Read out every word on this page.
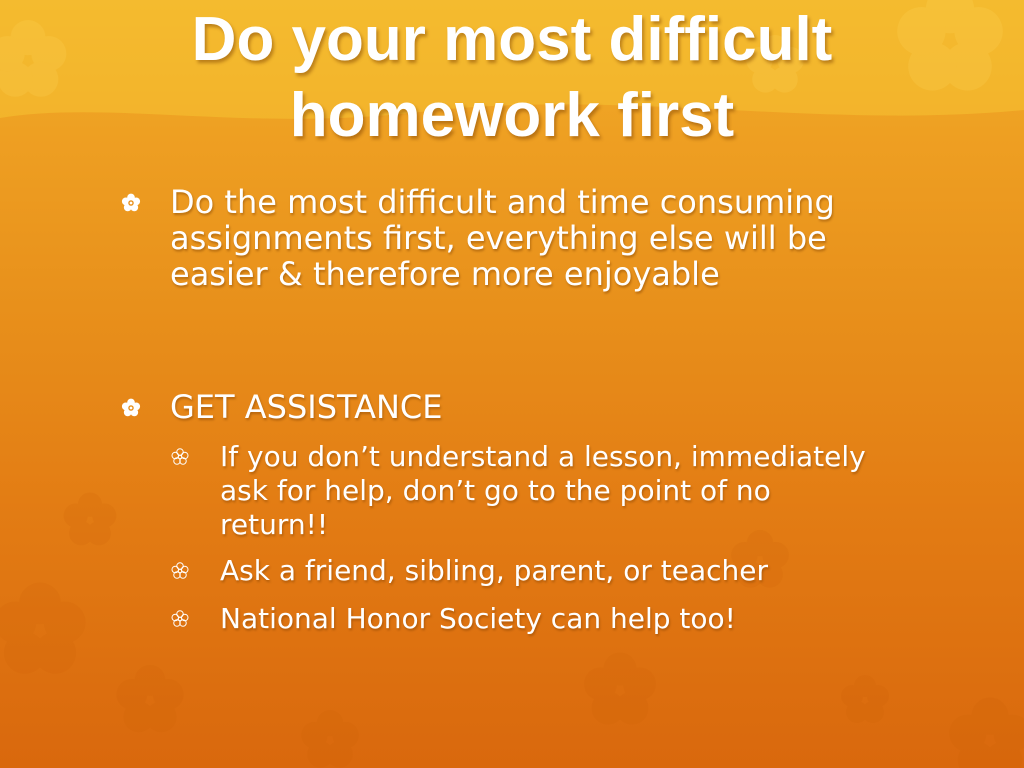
Do your most difficult homework first
Do the most difficult and time consuming assignments first, everything else will be easier & therefore more enjoyable
GET ASSISTANCE
If you don’t understand a lesson, immediately ask for help, don’t go to the point of no return!!
Ask a friend, sibling, parent, or teacher
National Honor Society can help too!
